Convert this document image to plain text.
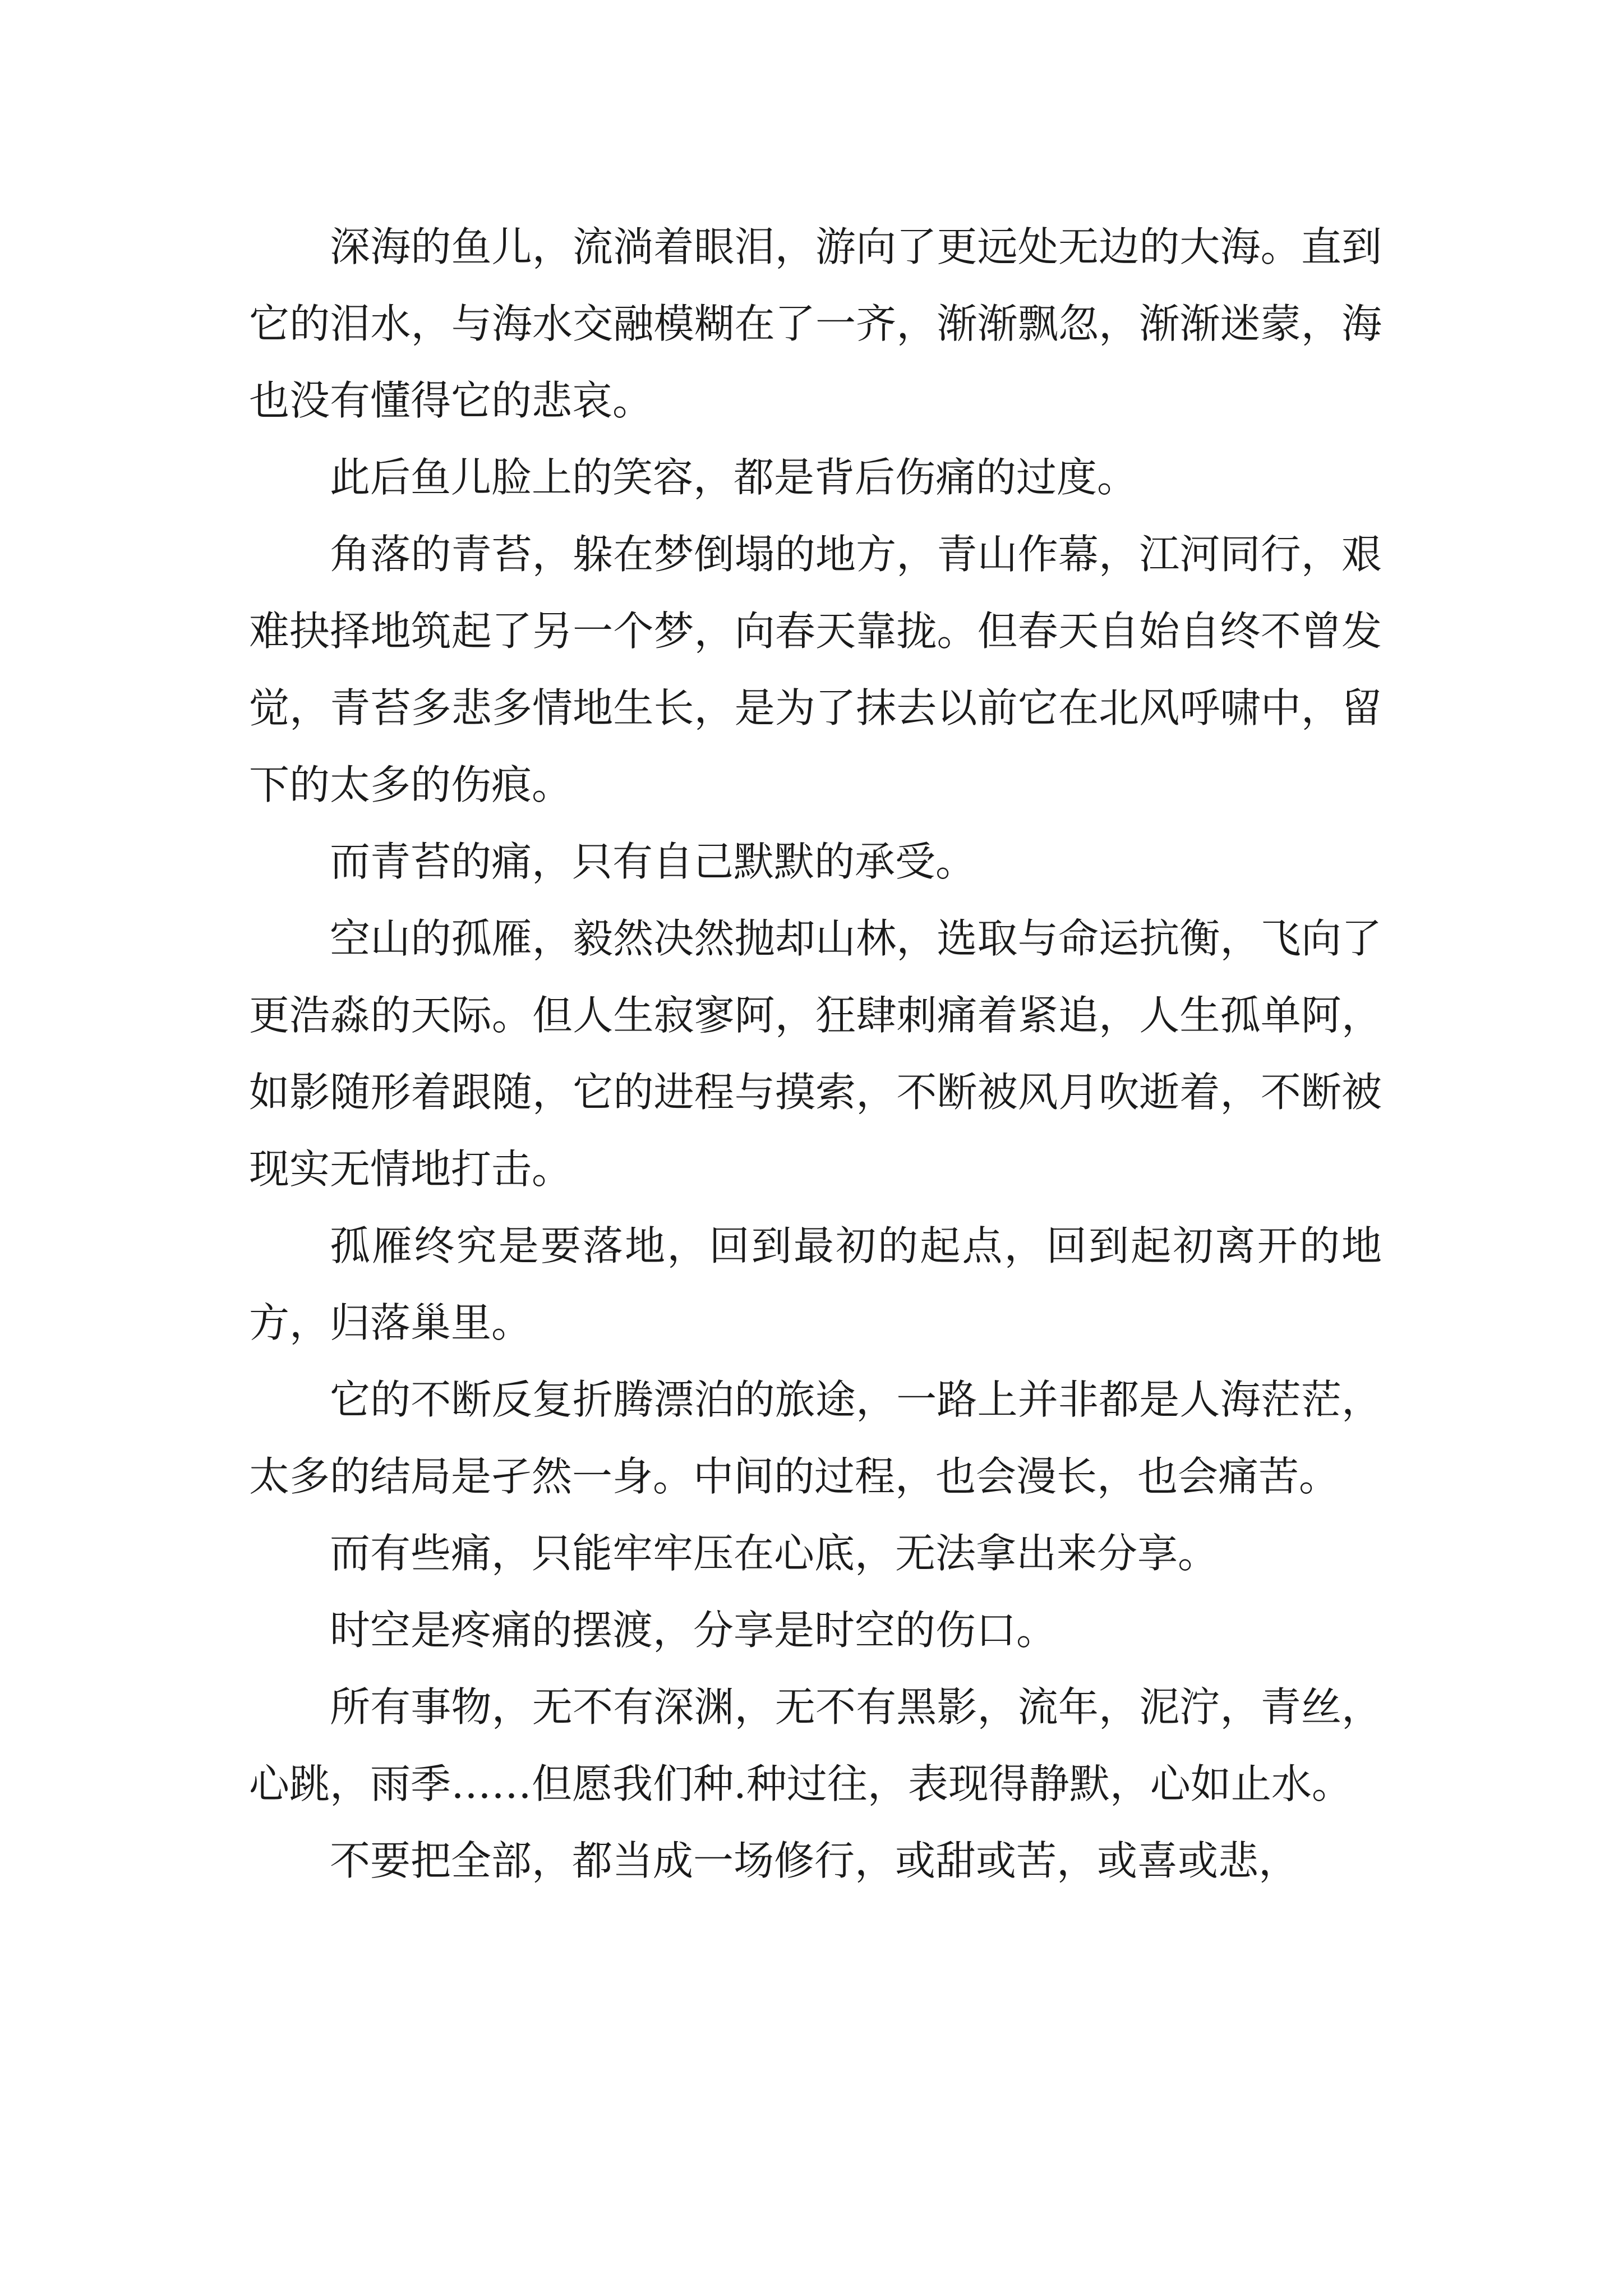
深海的鱼儿，流淌着眼泪，游向了更远处无边的大海。直到它的泪水，与海水交融模糊在了一齐，渐渐飘忽，渐渐迷蒙，海也没有懂得它的悲哀。

此后鱼儿脸上的笑容，都是背后伤痛的过度。

角落的青苔，躲在梦倒塌的地方，青山作幕，江河同行，艰难抉择地筑起了另一个梦，向春天靠拢。但春天自始自终不曾发觉，青苔多悲多情地生长，是为了抹去以前它在北风呼啸中，留下的太多的伤痕。

而青苔的痛，只有自己默默的承受。

空山的孤雁，毅然决然抛却山林，选取与命运抗衡，飞向了更浩淼的天际。但人生寂寥阿，狂肆刺痛着紧追，人生孤单阿，如影随形着跟随，它的进程与摸索，不断被风月吹逝着，不断被现实无情地打击。

孤雁终究是要落地，回到最初的起点，回到起初离开的地方，归落巢里。

它的不断反复折腾漂泊的旅途，一路上并非都是人海茫茫，太多的结局是孑然一身。中间的过程，也会漫长，也会痛苦。

而有些痛，只能牢牢压在心底，无法拿出来分享。

时空是疼痛的摆渡，分享是时空的伤口。

所有事物，无不有深渊，无不有黑影，流年，泥泞，青丝，心跳，雨季……但愿我们种.种过往，表现得静默，心如止水。

不要把全部，都当成一场修行，或甜或苦，或喜或悲，
